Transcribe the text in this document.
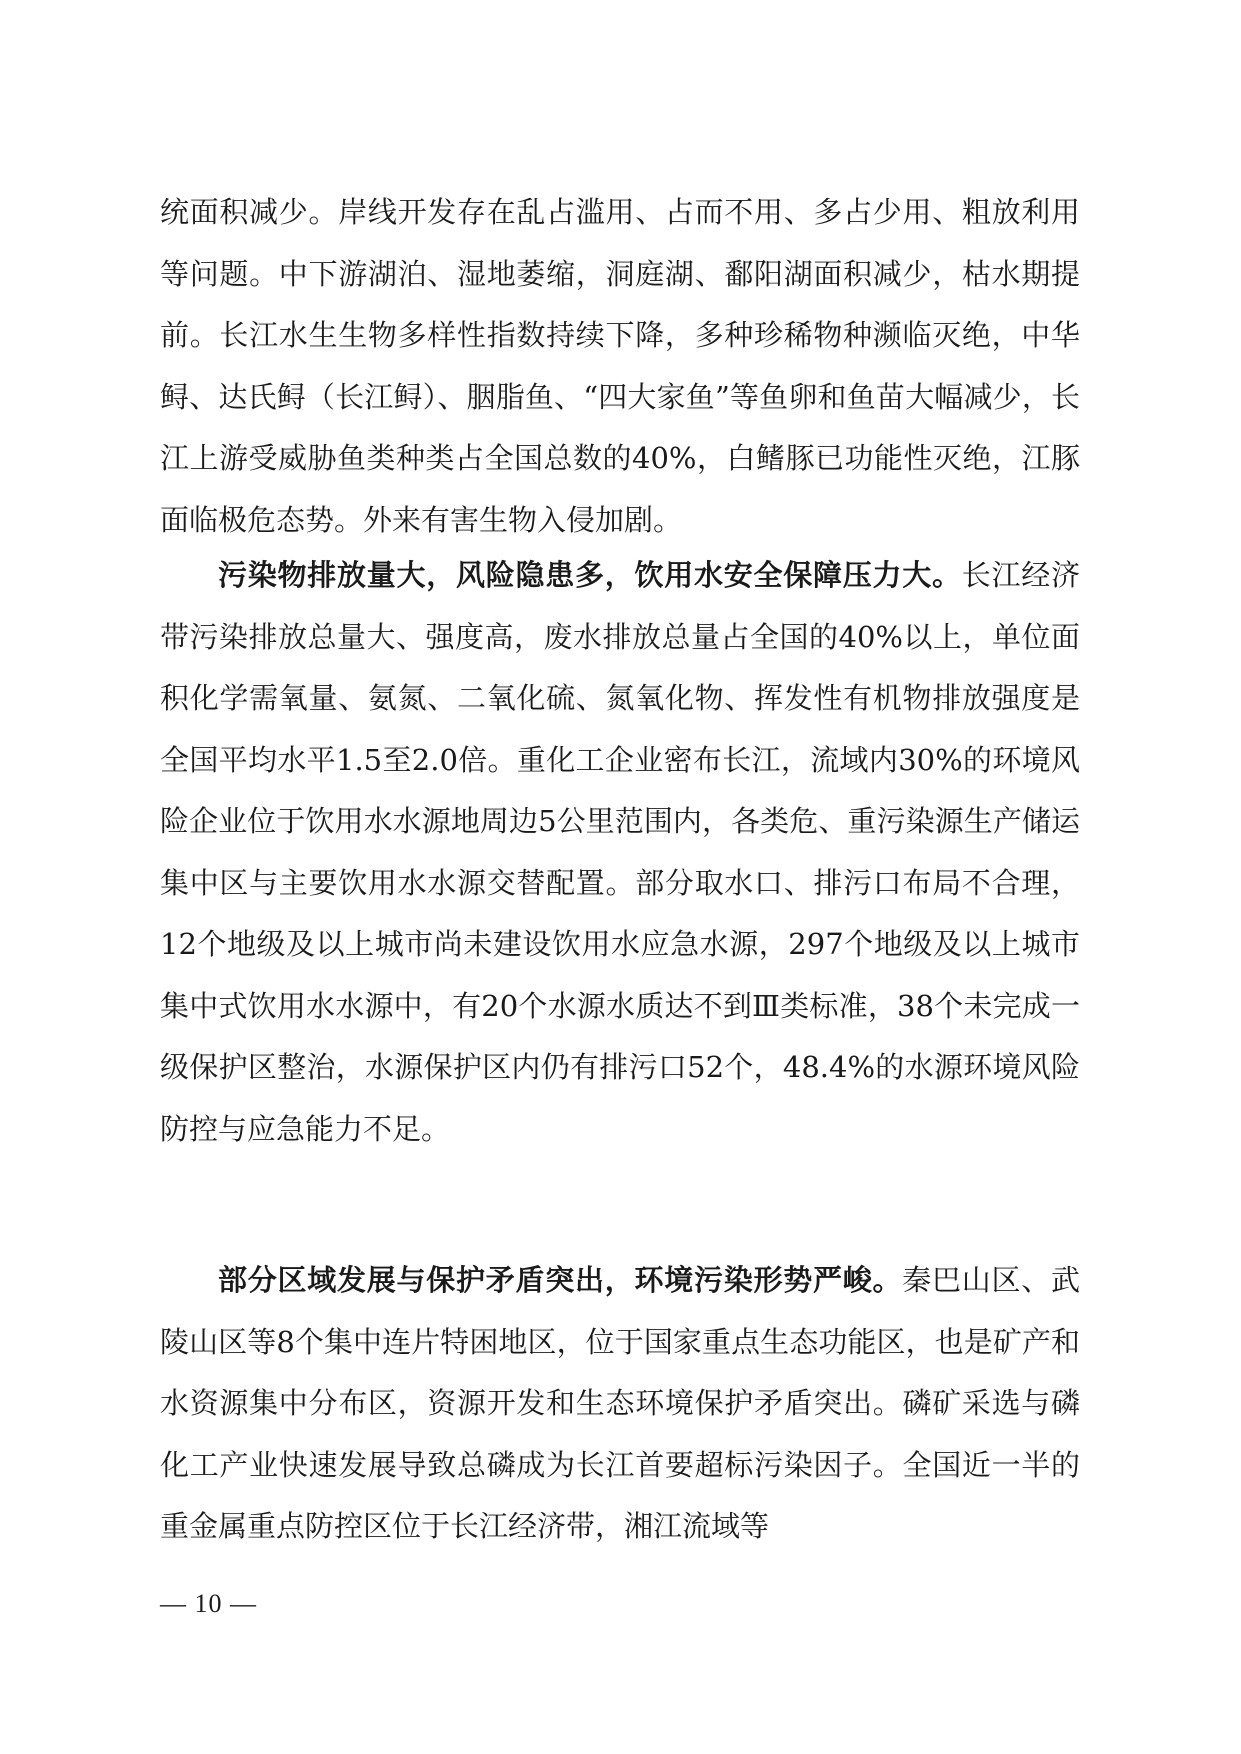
统面积减少。岸线开发存在乱占滥用、占而不用、多占少用、粗放利用等问题。中下游湖泊、湿地萎缩，洞庭湖、鄱阳湖面积减少，枯水期提前。长江水生生物多样性指数持续下降，多种珍稀物种濒临灭绝，中华鲟、达氏鲟（长江鲟）、胭脂鱼、“四大家鱼”等鱼卵和鱼苗大幅减少，长江上游受威胁鱼类种类占全国总数的40%，白鳍豚已功能性灭绝，江豚面临极危态势。外来有害生物入侵加剧。

污染物排放量大，风险隐患多，饮用水安全保障压力大。长江经济带污染排放总量大、强度高，废水排放总量占全国的40%以上，单位面积化学需氧量、氨氮、二氧化硫、氮氧化物、挥发性有机物排放强度是全国平均水平1.5至2.0倍。重化工企业密布长江，流域内30%的环境风险企业位于饮用水水源地周边5公里范围内，各类危、重污染源生产储运集中区与主要饮用水水源交替配置。部分取水口、排污口布局不合理，12个地级及以上城市尚未建设饮用水应急水源，297个地级及以上城市集中式饮用水水源中，有20个水源水质达不到Ⅲ类标准，38个未完成一级保护区整治，水源保护区内仍有排污口52个，48.4%的水源环境风险防控与应急能力不足。

部分区域发展与保护矛盾突出，环境污染形势严峻。秦巴山区、武陵山区等8个集中连片特困地区，位于国家重点生态功能区，也是矿产和水资源集中分布区，资源开发和生态环境保护矛盾突出。磷矿采选与磷化工产业快速发展导致总磷成为长江首要超标污染因子。全国近一半的重金属重点防控区位于长江经济带，湘江流域等

— 10 —
